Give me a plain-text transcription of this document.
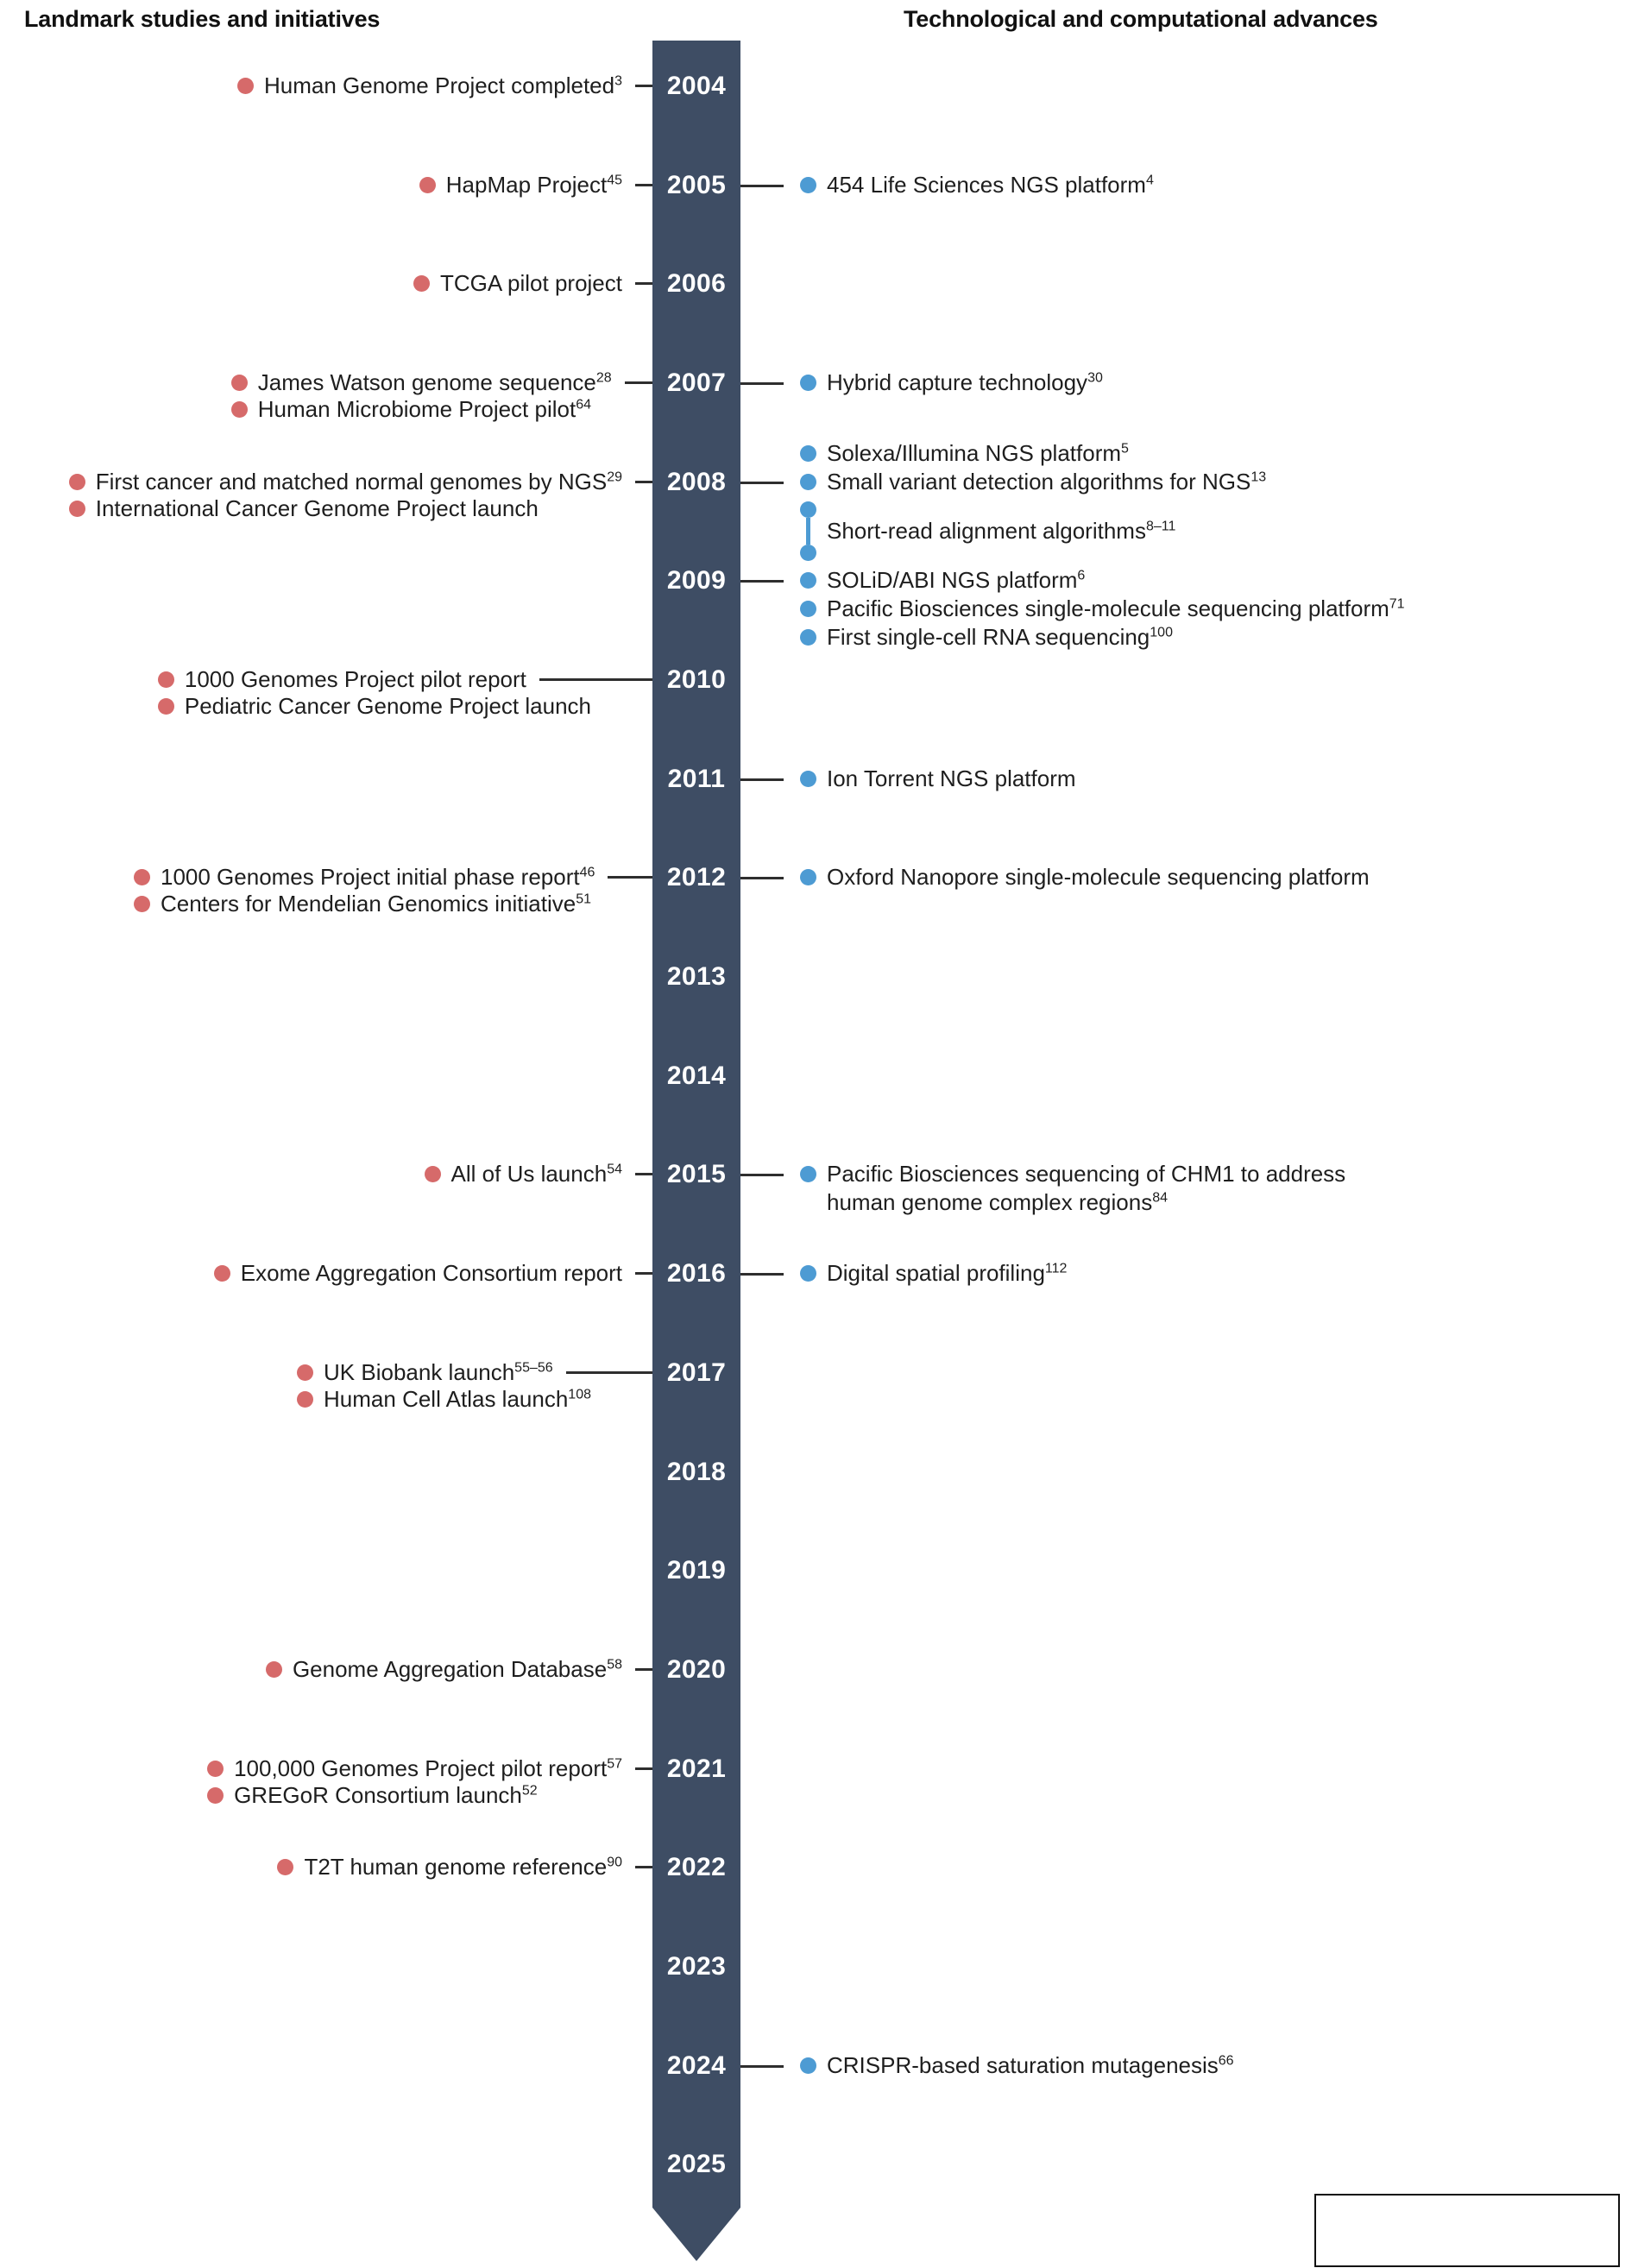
Landmark studies and initiatives	Technological and computational advances
2004
2005
2006
2007
2008
2009
2010
2011
2012
2013
2014
2015
2016
2017
2018
2019
2020
2021
2022
2023
2024
2025
Human Genome Project completed$^3$
HapMap Project$^{45}$
TCGA pilot project
James Watson genome sequence$^{28}$
Human Microbiome Project pilot$^{64}$
First cancer and matched normal genomes by NGS$^{29}$
International Cancer Genome Project launch
1000 Genomes Project pilot report
Pediatric Cancer Genome Project launch
1000 Genomes Project initial phase report$^{46}$
Centers for Mendelian Genomics initiative$^{51}$
All of Us launch$^{54}$
Exome Aggregation Consortium report
UK Biobank launch$^{55-56}$
Human Cell Atlas launch$^{108}$
Genome Aggregation Database$^{58}$
100,000 Genomes Project pilot report$^{57}$
GREGoR Consortium launch$^{52}$
T2T human genome reference$^{90}$
454 Life Sciences NGS platform$^4$
Hybrid capture technology$^{30}$
Solexa/Illumina NGS platform$^5$
Small variant detection algorithms for NGS$^{13}$
Short-read alignment algorithms$^{8-11}$
SOLiD/ABI NGS platform$^6$
Pacific Biosciences single-molecule sequencing platform$^{71}$
First single-cell RNA sequencing$^{100}$
Ion Torrent NGS platform
Oxford Nanopore single-molecule sequencing platform
Pacific Biosciences sequencing of CHM1 to address
human genome complex regions$^{84}$
Digital spatial profiling$^{112}$
CRISPR-based saturation mutagenesis$^{66}$
